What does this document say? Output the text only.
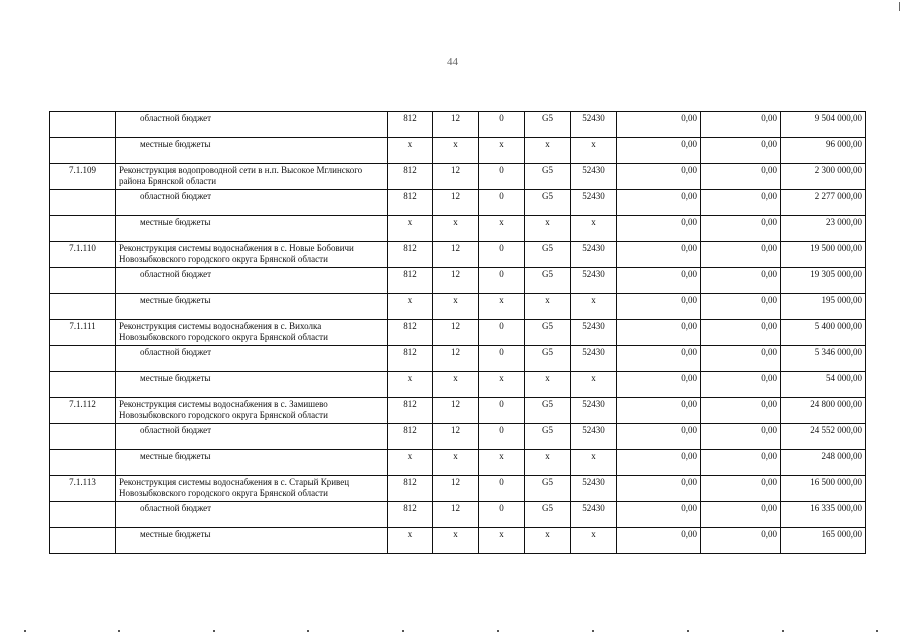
44
	областной бюджет	812	12	0	G5	52430	0,00	0,00	9 504 000,00
	местные бюджеты	x	x	x	x	x	0,00	0,00	96 000,00
7.1.109	Реконструкция водопроводной сети в н.п. Высокое Мглинского района Брянской области	812	12	0	G5	52430	0,00	0,00	2 300 000,00
	областной бюджет	812	12	0	G5	52430	0,00	0,00	2 277 000,00
	местные бюджеты	x	x	x	x	x	0,00	0,00	23 000,00
7.1.110	Реконструкция системы водоснабжения в с. Новые Бобовичи Новозыбковского городского округа Брянской области	812	12	0	G5	52430	0,00	0,00	19 500 000,00
	областной бюджет	812	12	0	G5	52430	0,00	0,00	19 305 000,00
	местные бюджеты	x	x	x	x	x	0,00	0,00	195 000,00
7.1.111	Реконструкция системы водоснабжения в с. Вихолка Новозыбковского городского округа Брянской области	812	12	0	G5	52430	0,00	0,00	5 400 000,00
	областной бюджет	812	12	0	G5	52430	0,00	0,00	5 346 000,00
	местные бюджеты	x	x	x	x	x	0,00	0,00	54 000,00
7.1.112	Реконструкция системы водоснабжения в с. Замишево Новозыбковского городского округа Брянской области	812	12	0	G5	52430	0,00	0,00	24 800 000,00
	областной бюджет	812	12	0	G5	52430	0,00	0,00	24 552 000,00
	местные бюджеты	x	x	x	x	x	0,00	0,00	248 000,00
7.1.113	Реконструкция системы водоснабжения в с. Старый Кривец Новозыбковского городского округа Брянской области	812	12	0	G5	52430	0,00	0,00	16 500 000,00
	областной бюджет	812	12	0	G5	52430	0,00	0,00	16 335 000,00
	местные бюджеты	x	x	x	x	x	0,00	0,00	165 000,00
